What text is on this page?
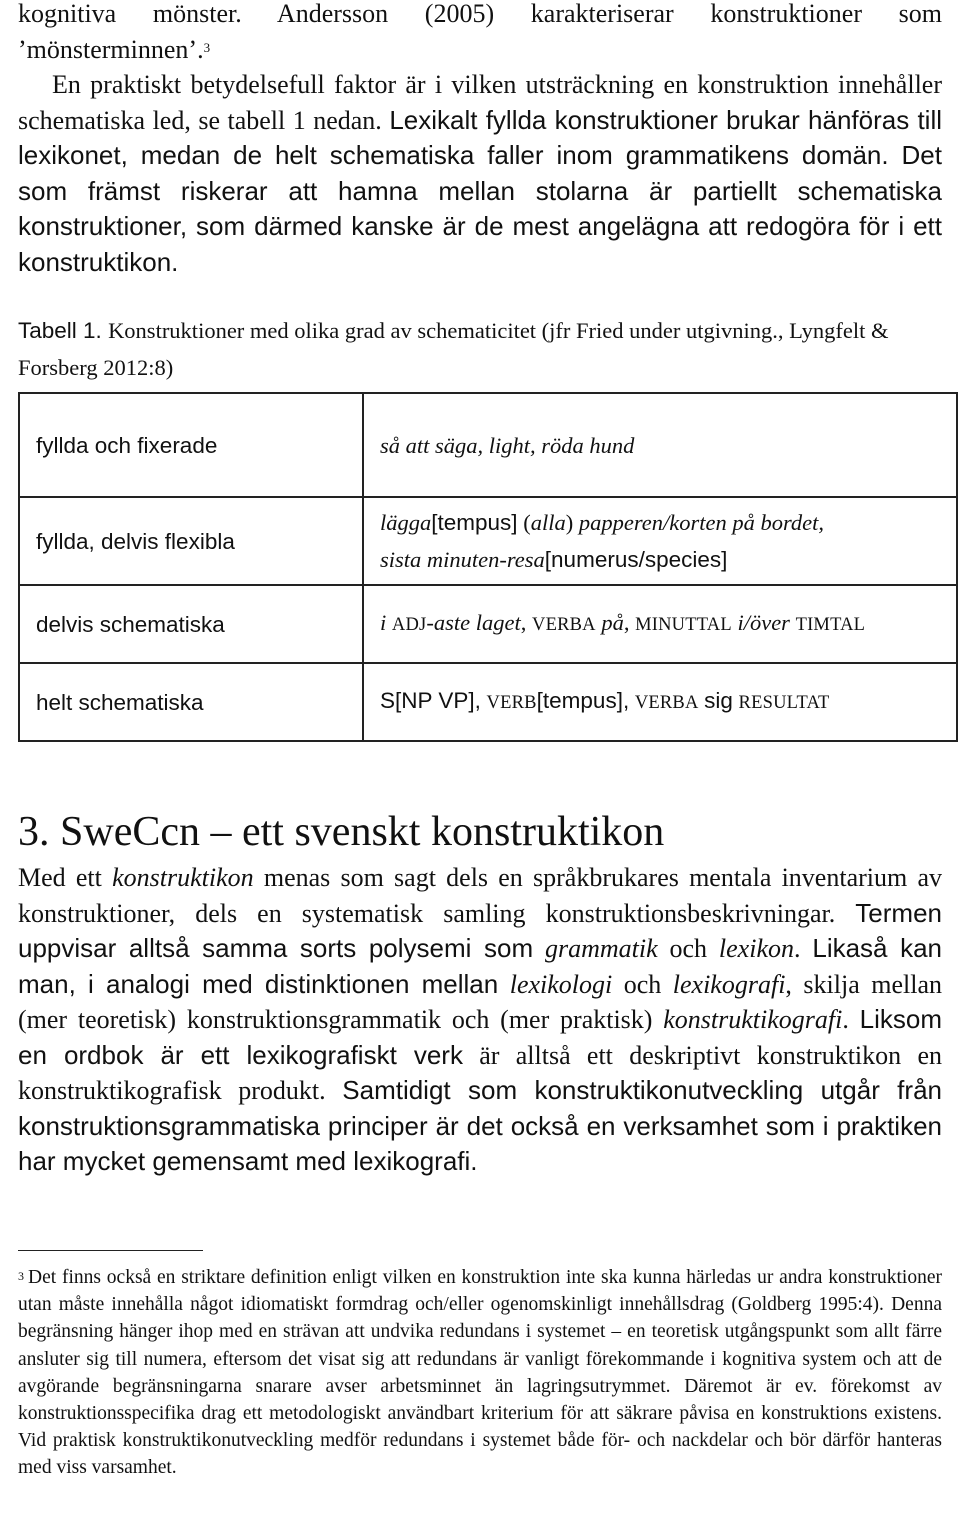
kognitiva mönster. Andersson (2005) karakteriserar konstruktioner som ’mönsterminnen’.$^3$
En praktiskt betydelsefull faktor är i vilken utsträckning en konstruktion innehåller schematiska led, se tabell 1 nedan. Lexikalt fyllda konstruktioner brukar hänföras till lexikonet, medan de helt schematiska faller inom grammatikens domän. Det som främst riskerar att hamna mellan stolarna är partiellt schematiska konstruktioner, som därmed kanske är de mest angelägna att redogöra för i ett konstruktikon.

Tabell 1. Konstruktioner med olika grad av schematicitet (jfr Fried under utgivning., Lyngfelt & Forsberg 2012:8)

fyllda och fixerade	så att säga, light, röda hund
fyllda, delvis flexibla	lägga[tempus] (alla) papperen/korten på bordet,
sista minuten-resa[numerus/species]
delvis schematiska	i ADJ-aste laget, VERBA på, MINUTTAL i/över TIMTAL
helt schematiska	S[NP VP], VERB[tempus], VERBA sig RESULTAT
3. SweCcn – ett svenskt konstruktikon

Med ett konstruktikon menas som sagt dels en språkbrukares mentala inventarium av konstruktioner, dels en systematisk samling konstruktionsbeskrivningar. Termen uppvisar alltså samma sorts polysemi som grammatik och lexikon. Likaså kan man, i analogi med distinktionen mellan lexikologi och lexikografi, skilja mellan (mer teoretisk) konstruktionsgrammatik och (mer praktisk) konstruktikografi. Liksom en ordbok är ett lexikografiskt verk är alltså ett deskriptivt konstruktikon en konstruktikografisk produkt. Samtidigt som konstruktikonutveckling utgår från konstruktionsgrammatiska principer är det också en verksamhet som i praktiken har mycket gemensamt med lexikografi.

$^3$ Det finns också en striktare definition enligt vilken en konstruktion inte ska kunna härledas ur andra konstruktioner utan måste innehålla något idiomatiskt formdrag och/eller ogenomskinligt innehållsdrag (Goldberg 1995:4). Denna begränsning hänger ihop med en strävan att undvika redundans i systemet – en teoretisk utgångspunkt som allt färre ansluter sig till numera, eftersom det visat sig att redundans är vanligt förekommande i kognitiva system och att de avgörande begränsningarna snarare avser arbetsminnet än lagringsutrymmet. Däremot är ev. förekomst av konstruktionsspecifika drag ett metodologiskt användbart kriterium för att säkrare påvisa en konstruktions existens. Vid praktisk konstruktikonutveckling medför redundans i systemet både för- och nackdelar och bör därför hanteras med viss varsamhet.
